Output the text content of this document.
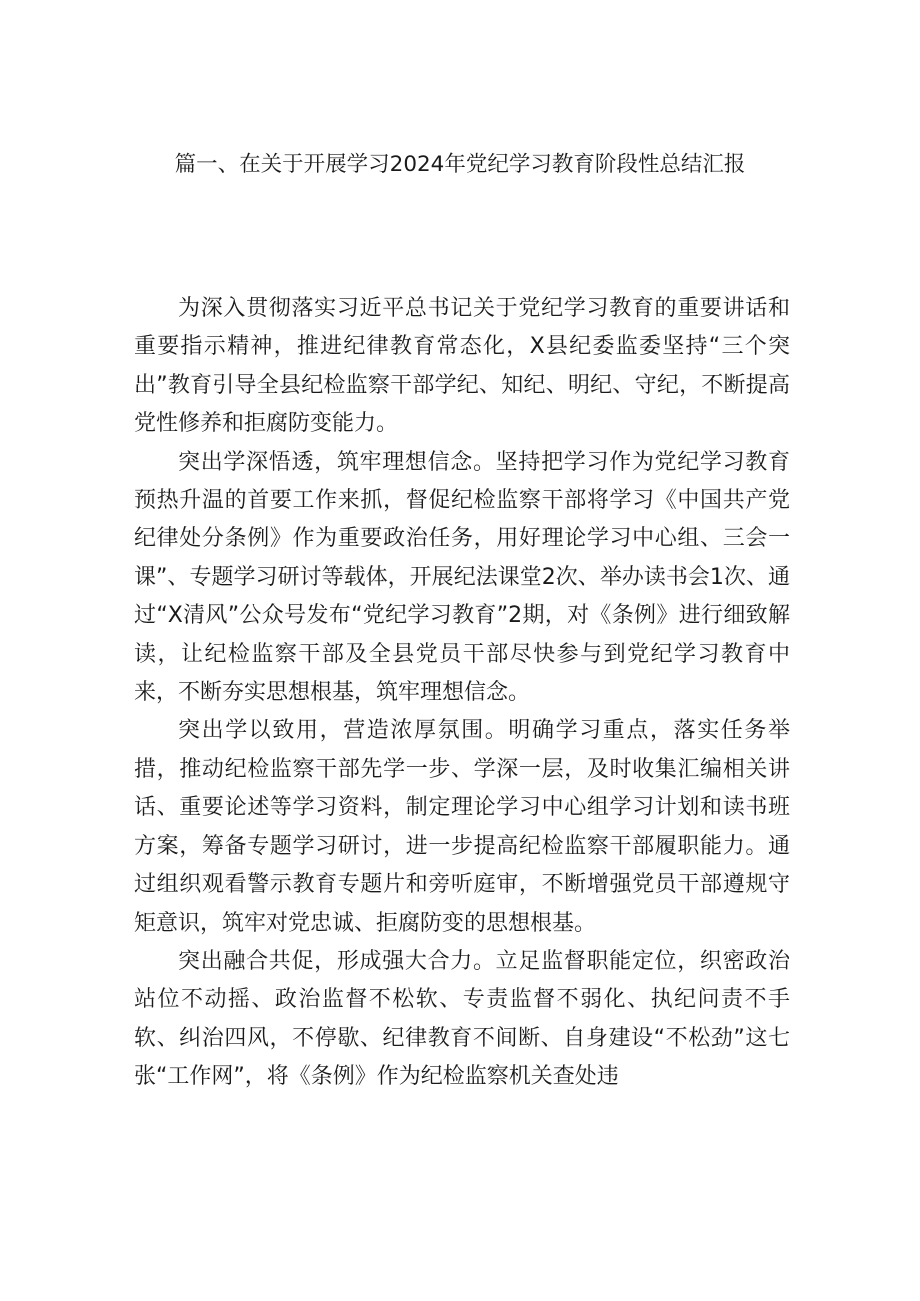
篇一、在关于开展学习2024年党纪学习教育阶段性总结汇报

为深入贯彻落实习近平总书记关于党纪学习教育的重要讲话和重要指示精神，推进纪律教育常态化，X县纪委监委坚持“三个突出”教育引导全县纪检监察干部学纪、知纪、明纪、守纪，不断提高党性修养和拒腐防变能力。

突出学深悟透，筑牢理想信念。坚持把学习作为党纪学习教育预热升温的首要工作来抓，督促纪检监察干部将学习《中国共产党纪律处分条例》作为重要政治任务，用好理论学习中心组、三会一课”、专题学习研讨等载体，开展纪法课堂2次、举办读书会1次、通过“X清风”公众号发布“党纪学习教育”2期，对《条例》进行细致解读，让纪检监察干部及全县党员干部尽快参与到党纪学习教育中来，不断夯实思想根基，筑牢理想信念。

突出学以致用，营造浓厚氛围。明确学习重点，落实任务举措，推动纪检监察干部先学一步、学深一层，及时收集汇编相关讲话、重要论述等学习资料，制定理论学习中心组学习计划和读书班方案，筹备专题学习研讨，进一步提高纪检监察干部履职能力。通过组织观看警示教育专题片和旁听庭审，不断增强党员干部遵规守矩意识，筑牢对党忠诚、拒腐防变的思想根基。

突出融合共促，形成强大合力。立足监督职能定位，织密政治站位不动摇、政治监督不松软、专责监督不弱化、执纪问责不手软、纠治四风，不停歇、纪律教育不间断、自身建设“不松劲”这七张“工作网”，将《条例》作为纪检监察机关查处违
